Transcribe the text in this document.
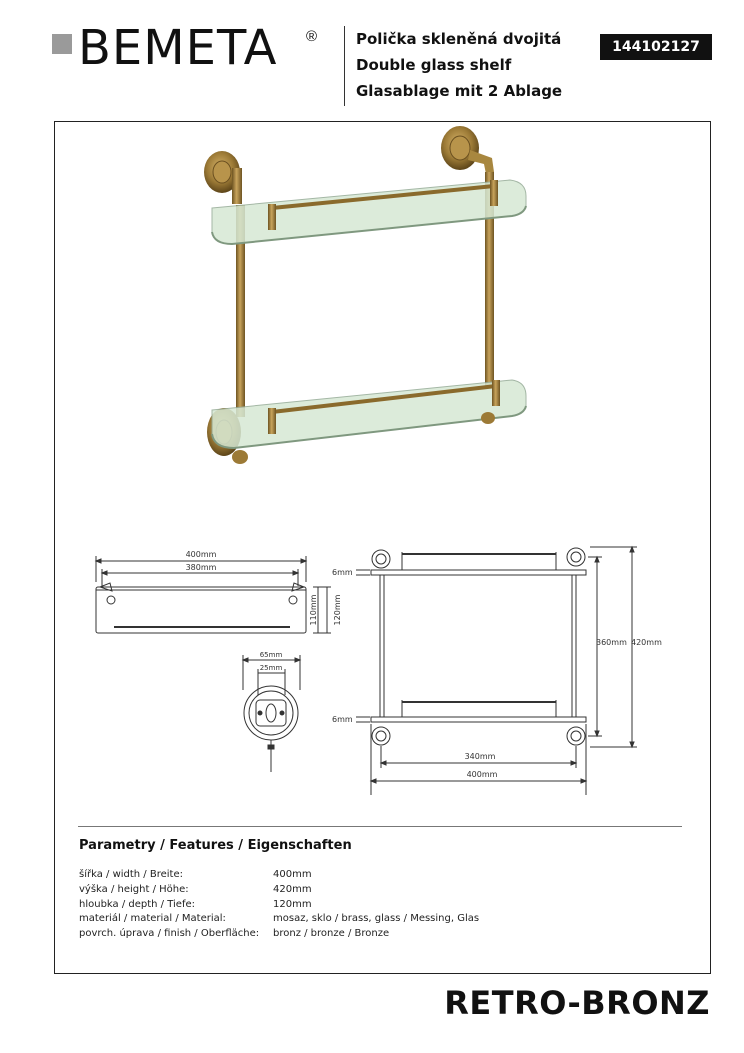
BEMETA ®	Polička skleněná dvojitá
Double glass shelf
Glasablage mit 2 Ablage
144102127
400mm
380mm
110mm 120mm
65mm
25mm
6mm
6mm
360mm 420mm
340mm
400mm
Parametry / Features / Eigenschaften
šířka / width / Breite:	400mm
výška / height / Höhe:	420mm
hloubka / depth / Tiefe:	120mm
materiál / material / Material:	mosaz, sklo / brass, glass / Messing, Glas
povrch. úprava / finish / Oberfläche: bronz / bronze / Bronze
RETRO-BRONZ
